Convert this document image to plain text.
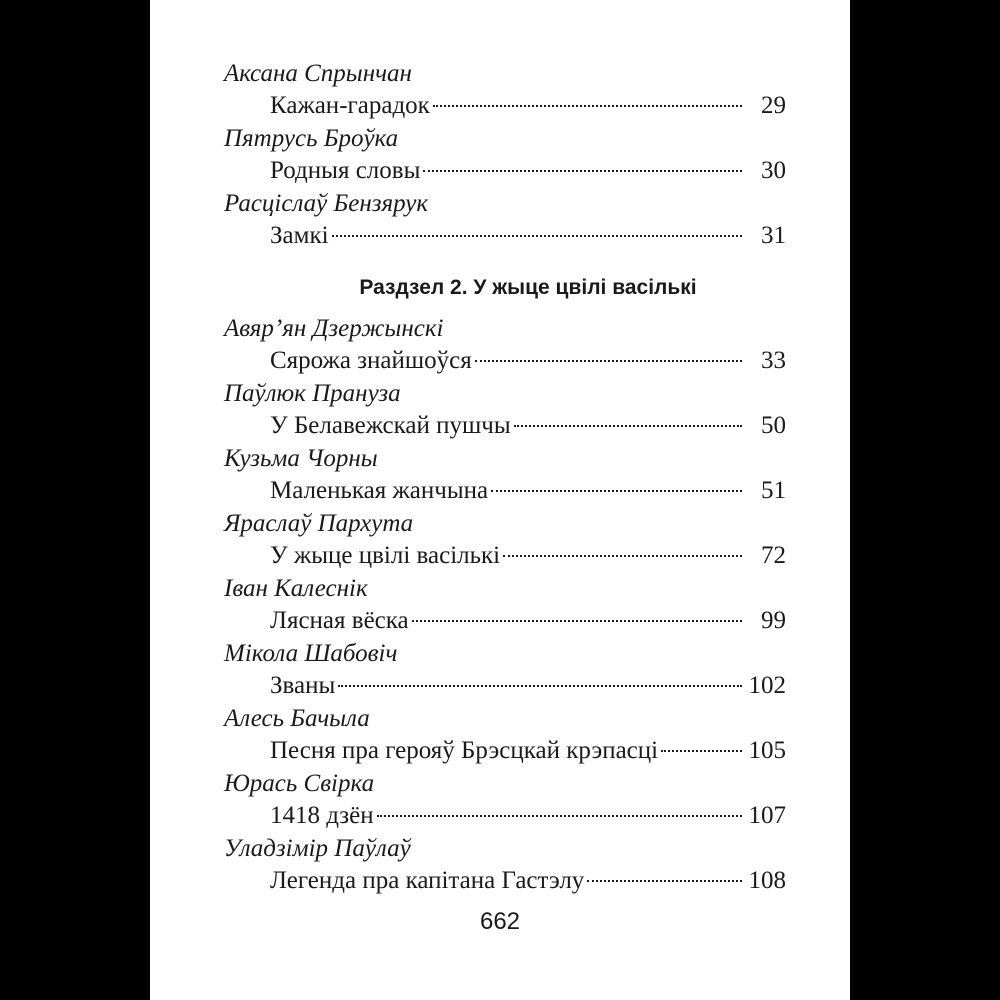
Аксана Спрынчан
Кажан-гарадок	29
Пятрусь Броўка
Родныя словы	30
Расціслаў Бензярук
Замкі	31
Раздзел 2. У жыце цвілі васількі
Авяр’ян Дзержынскі
Сярожа знайшоўся	33
Паўлюк Прануза
У Белавежскай пушчы	50
Кузьма Чорны
Маленькая жанчына	51
Яраслаў Пархута
У жыце цвілі васількі	72
Іван Калеснік
Лясная вёска	99
Мікола Шабовіч
Званы	102
Алесь Бачыла
Песня пра герояў Брэсцкай крэпасці	105
Юрась Свірка
1418 дзён	107
Уладзімір Паўлаў
Легенда пра капітана Гастэлу	108
662
